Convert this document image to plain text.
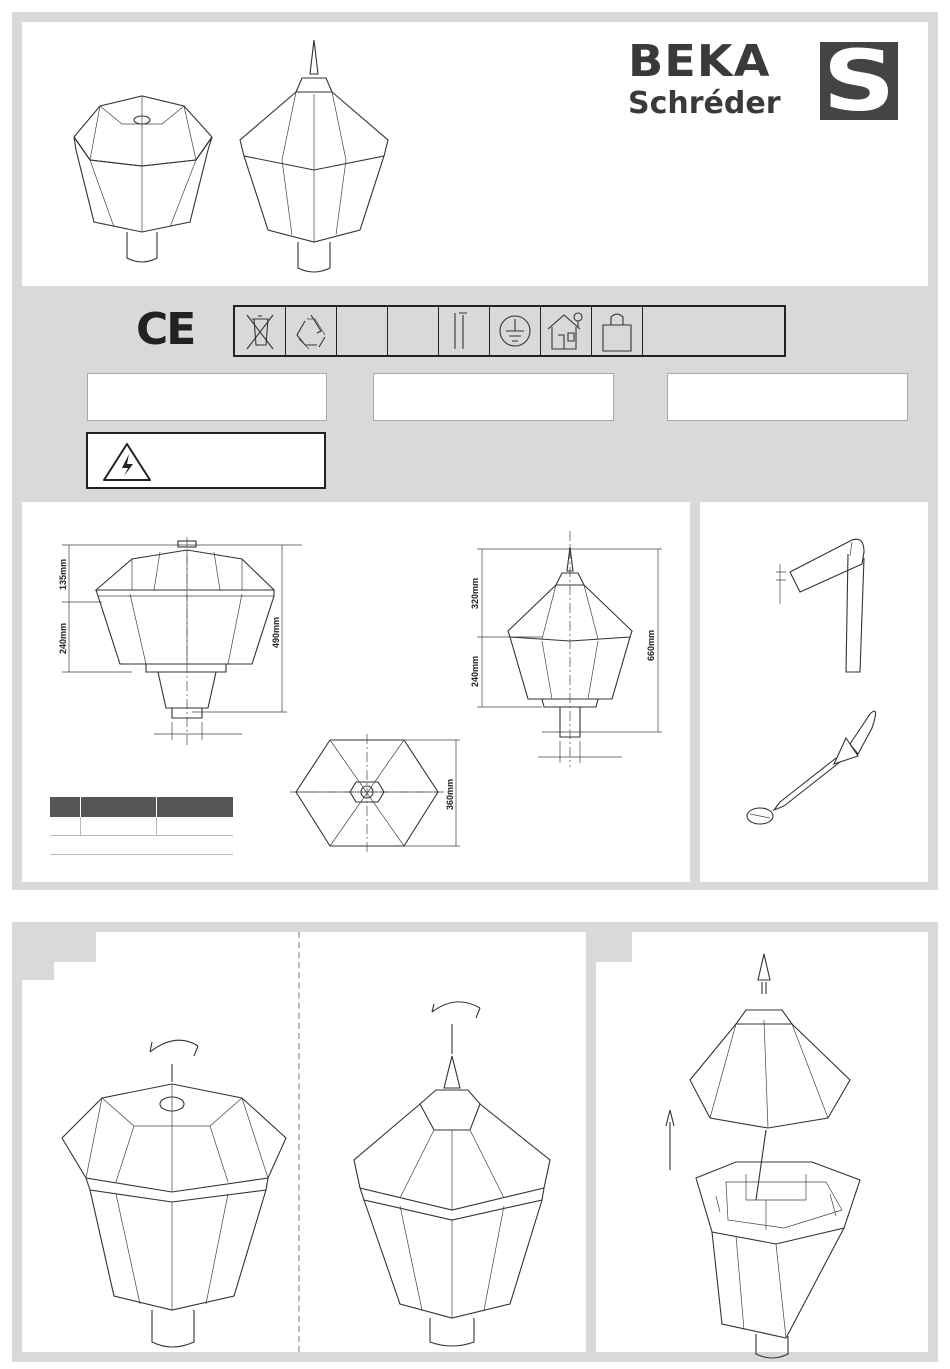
BEKA
Schréder S
CE
135mm
240mm	490mm
320mm
240mm
660mm
360mm
